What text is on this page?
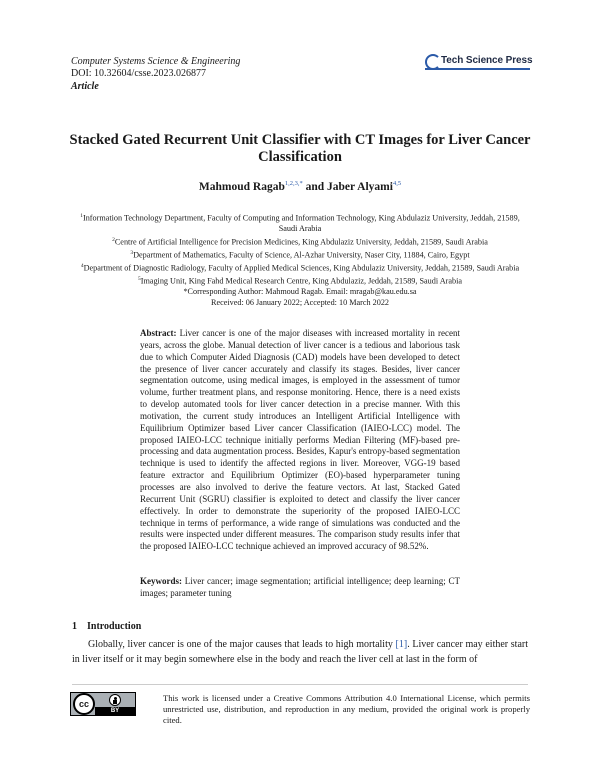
Computer Systems Science & Engineering
DOI: 10.32604/csse.2023.026877
Article
Tech Science Press
Stacked Gated Recurrent Unit Classifier with CT Images for Liver Cancer Classification
Mahmoud Ragab$^{1,2,3,*}$ and Jaber Alyami$^{4,5}$
$^1$Information Technology Department, Faculty of Computing and Information Technology, King Abdulaziz University, Jeddah, 21589, Saudi Arabia
$^2$Centre of Artificial Intelligence for Precision Medicines, King Abdulaziz University, Jeddah, 21589, Saudi Arabia
$^3$Department of Mathematics, Faculty of Science, Al-Azhar University, Naser City, 11884, Cairo, Egypt
$^4$Department of Diagnostic Radiology, Faculty of Applied Medical Sciences, King Abdulaziz University, Jeddah, 21589, Saudi Arabia
$^5$Imaging Unit, King Fahd Medical Research Centre, King Abdulaziz, Jeddah, 21589, Saudi Arabia
*Corresponding Author: Mahmoud Ragab. Email: mragab@kau.edu.sa
Received: 06 January 2022; Accepted: 10 March 2022

Abstract: Liver cancer is one of the major diseases with increased mortality in recent years, across the globe. Manual detection of liver cancer is a tedious and laborious task due to which Computer Aided Diagnosis (CAD) models have been developed to detect the presence of liver cancer accurately and classify its stages. Besides, liver cancer segmentation outcome, using medical images, is employed in the assessment of tumor volume, further treatment plans, and response monitoring. Hence, there is a need exists to develop automated tools for liver cancer detection in a precise manner. With this motivation, the current study introduces an Intelligent Artificial Intelligence with Equilibrium Optimizer based Liver cancer Classification (IAIEO-LCC) model. The proposed IAIEO-LCC technique initially performs Median Filtering (MF)-based pre-processing and data augmentation process. Besides, Kapur's entropy-based segmentation technique is used to identify the affected regions in liver. Moreover, VGG-19 based feature extractor and Equilibrium Optimizer (EO)-based hyperparameter tuning processes are also involved to derive the feature vectors. At last, Stacked Gated Recurrent Unit (SGRU) classifier is exploited to detect and classify the liver cancer effectively. In order to demonstrate the superiority of the proposed IAIEO-LCC technique in terms of performance, a wide range of simulations was conducted and the results were inspected under different measures. The comparison study results infer that the proposed IAIEO-LCC technique achieved an improved accuracy of 98.52%.

Keywords: Liver cancer; image segmentation; artificial intelligence; deep learning; CT images; parameter tuning

1 Introduction

Globally, liver cancer is one of the major causes that leads to high mortality [1]. Liver cancer may either start in liver itself or it may begin somewhere else in the body and reach the liver cell at last in the form of

cc
BY

This work is licensed under a Creative Commons Attribution 4.0 International License, which permits unrestricted use, distribution, and reproduction in any medium, provided the original work is properly cited.
